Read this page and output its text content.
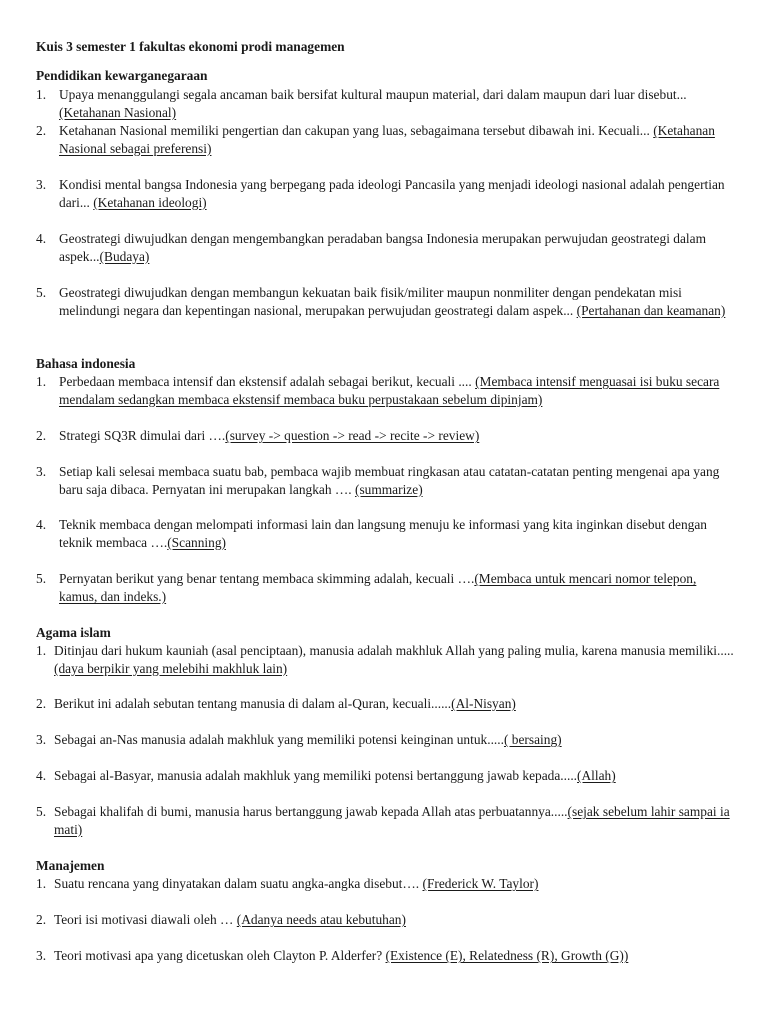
Kuis 3 semester 1 fakultas ekonomi prodi managemen
Pendidikan kewarganegaraan
1. Upaya menanggulangi segala ancaman baik bersifat kultural maupun material, dari dalam maupun dari luar disebut... (Ketahanan Nasional)
2. Ketahanan Nasional memiliki pengertian dan cakupan yang luas, sebagaimana tersebut dibawah ini. Kecuali... (Ketahanan Nasional sebagai preferensi)
3. Kondisi mental bangsa Indonesia yang berpegang pada ideologi Pancasila yang menjadi ideologi nasional adalah pengertian dari... (Ketahanan ideologi)
4. Geostrategi diwujudkan dengan mengembangkan peradaban bangsa Indonesia merupakan perwujudan geostrategi dalam aspek...(Budaya)
5. Geostrategi diwujudkan dengan membangun kekuatan baik fisik/militer maupun nonmiliter dengan pendekatan misi melindungi negara dan kepentingan nasional, merupakan perwujudan geostrategi dalam aspek... (Pertahanan dan keamanan)
Bahasa indonesia
1. Perbedaan membaca intensif dan ekstensif adalah sebagai berikut, kecuali .... (Membaca intensif menguasai isi buku secara mendalam sedangkan membaca ekstensif membaca buku perpustakaan sebelum dipinjam)
2. Strategi SQ3R dimulai dari ….(survey -> question -> read -> recite -> review)
3. Setiap kali selesai membaca suatu bab, pembaca wajib membuat ringkasan atau catatan-catatan penting mengenai apa yang baru saja dibaca. Pernyatan ini merupakan langkah …. (summarize)
4. Teknik membaca dengan melompati informasi lain dan langsung menuju ke informasi yang kita inginkan disebut dengan teknik membaca ….(Scanning)
5. Pernyatan berikut yang benar tentang membaca skimming adalah, kecuali ….(Membaca untuk mencari nomor telepon, kamus, dan indeks.)
Agama islam
1. Ditinjau dari hukum kauniah (asal penciptaan), manusia adalah makhluk Allah yang paling mulia, karena manusia memiliki..... (daya berpikir yang melebihi makhluk lain)
2. Berikut ini adalah sebutan tentang manusia di dalam al-Quran, kecuali......(Al-Nisyan)
3. Sebagai an-Nas manusia adalah makhluk yang memiliki potensi keinginan untuk.....( bersaing)
4. Sebagai al-Basyar, manusia adalah makhluk yang memiliki potensi bertanggung jawab kepada.....(Allah)
5. Sebagai khalifah di bumi, manusia harus bertanggung jawab kepada Allah atas perbuatannya.....(sejak sebelum lahir sampai ia mati)
Manajemen
1. Suatu rencana yang dinyatakan dalam suatu angka-angka disebut…. (Frederick W. Taylor)
2. Teori isi motivasi diawali oleh … (Adanya needs atau kebutuhan)
3. Teori motivasi apa yang dicetuskan oleh Clayton P. Alderfer? (Existence (E), Relatedness (R), Growth (G))
